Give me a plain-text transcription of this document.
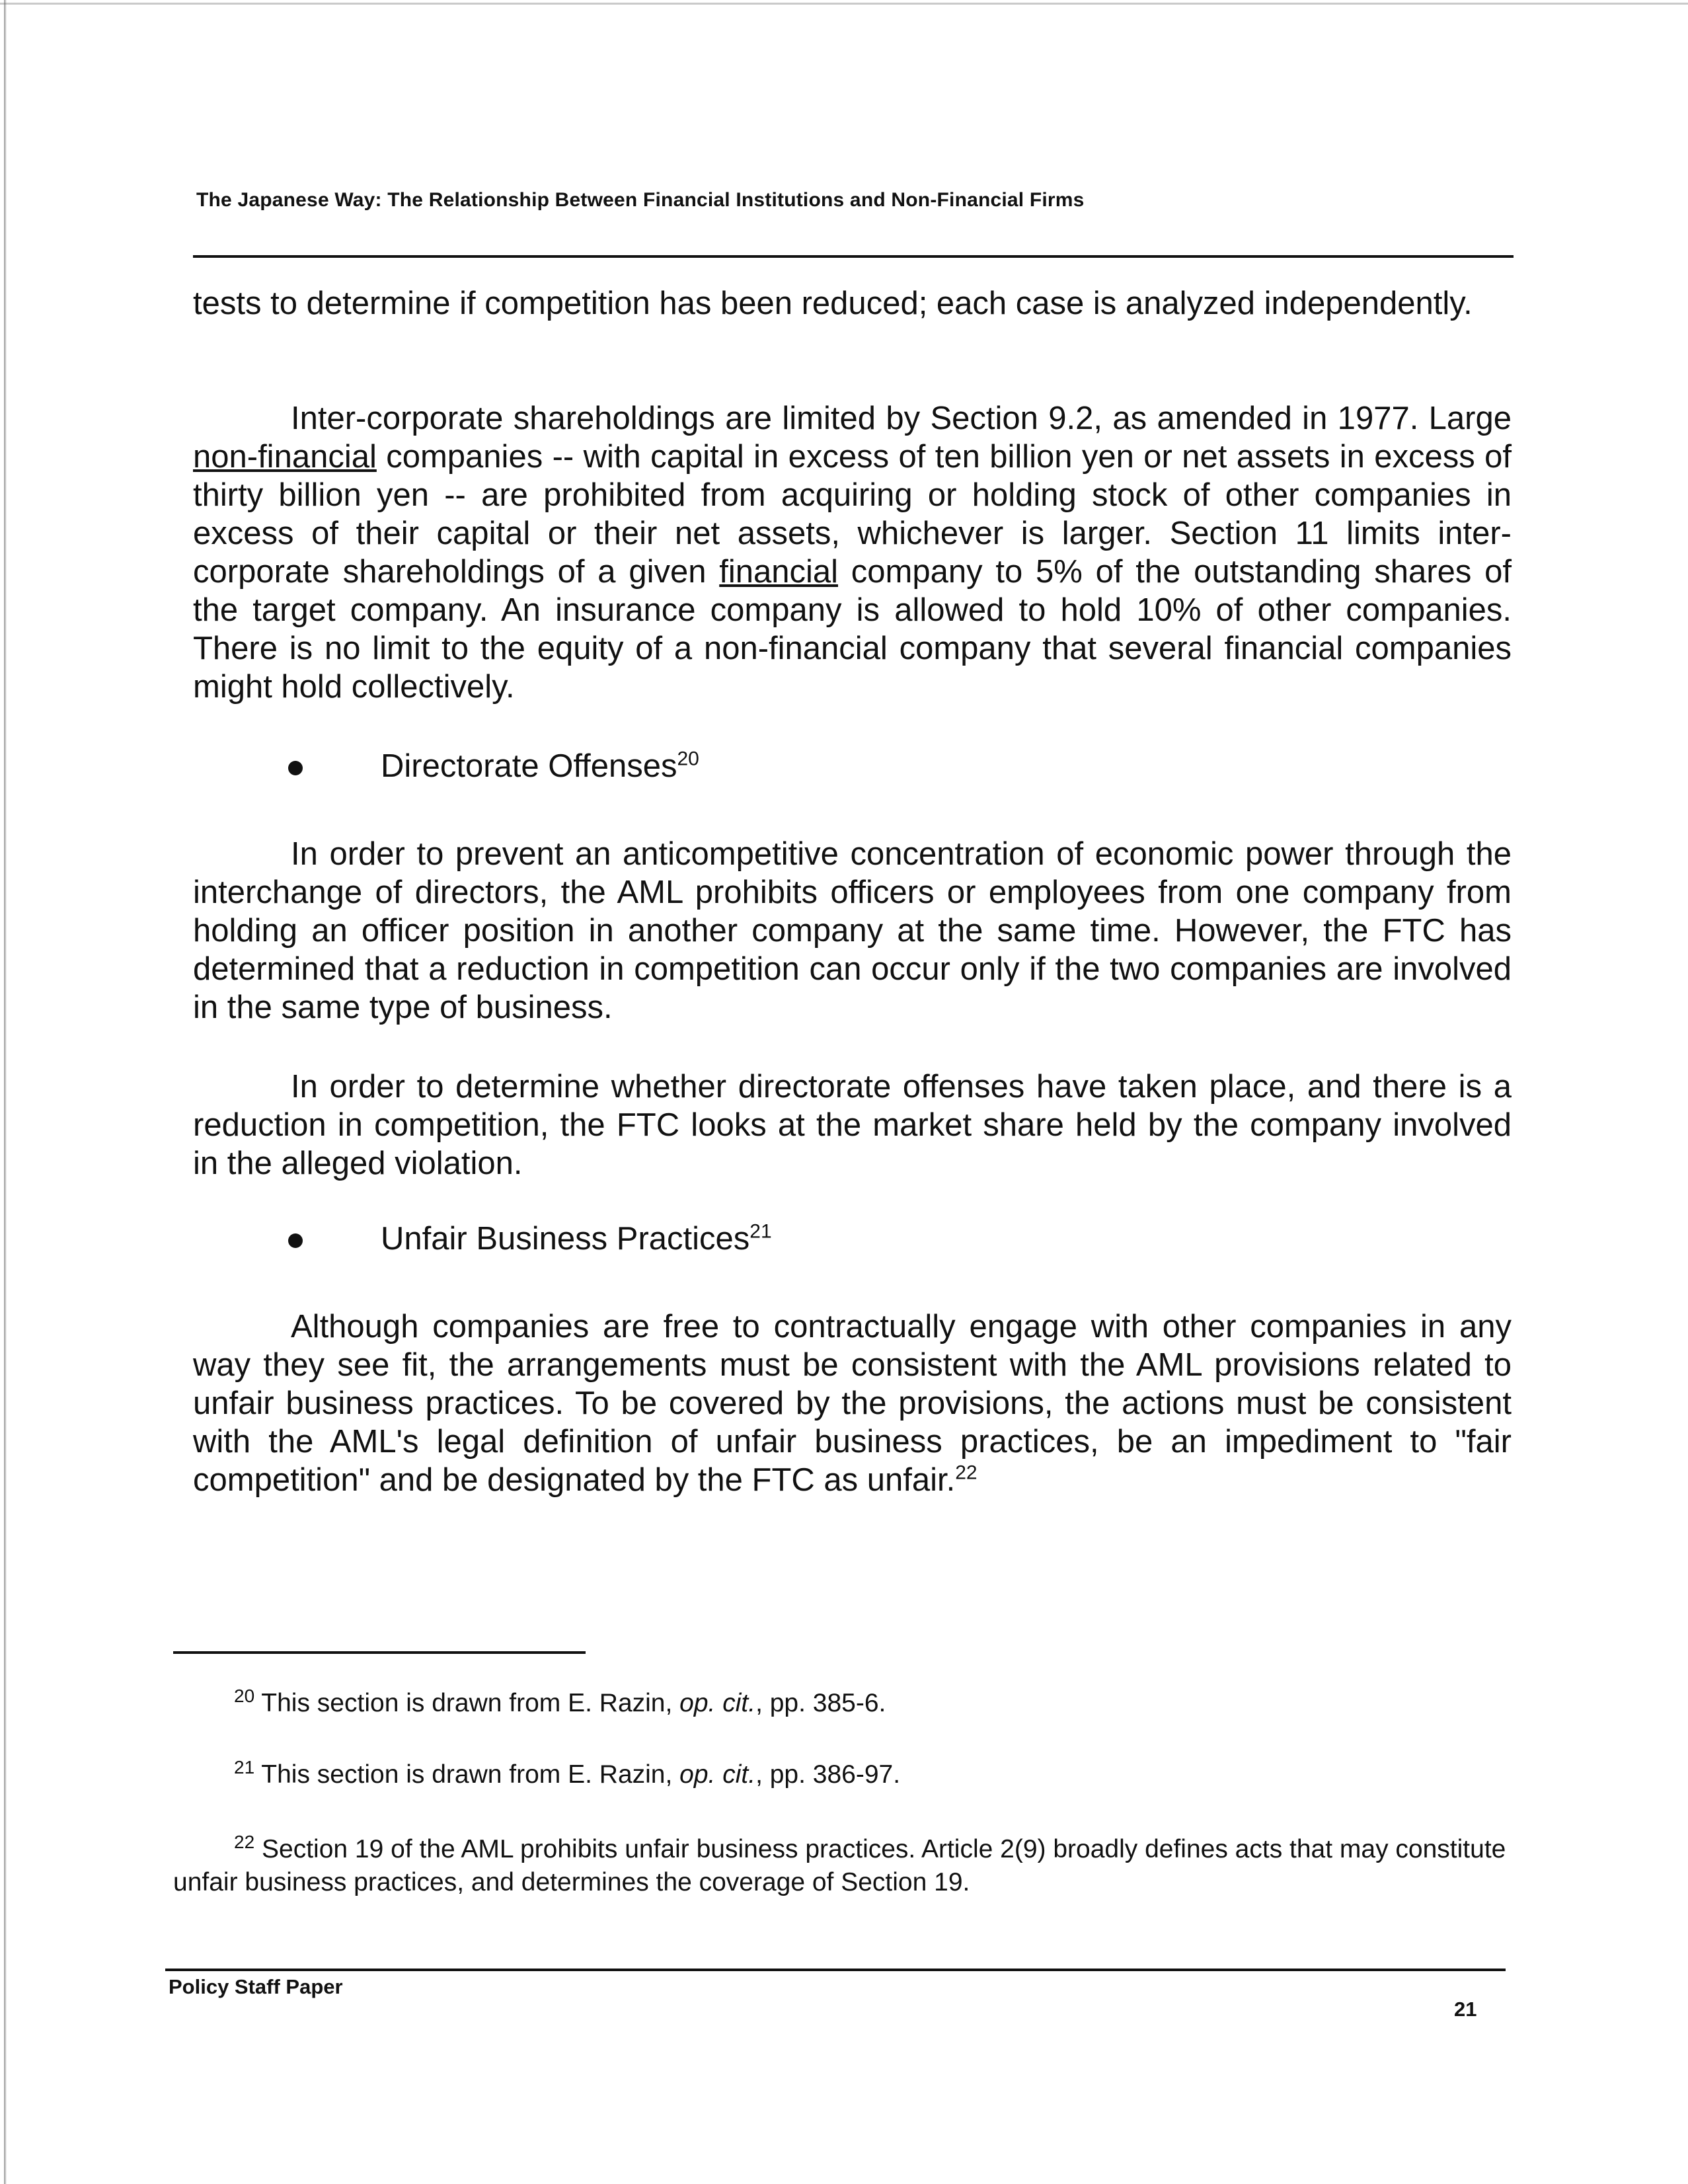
The Japanese Way: The Relationship Between Financial Institutions and Non-Financial Firms
tests to determine if competition has been reduced; each case is analyzed independently.
Inter-corporate shareholdings are limited by Section 9.2, as amended in 1977. Large non-financial companies -- with capital in excess of ten billion yen or net assets in excess of thirty billion yen -- are prohibited from acquiring or holding stock of other companies in excess of their capital or their net assets, whichever is larger. Section 11 limits inter-corporate shareholdings of a given financial company to 5% of the outstanding shares of the target company. An insurance company is allowed to hold 10% of other companies. There is no limit to the equity of a non-financial company that several financial companies might hold collectively.
Directorate Offenses$^{20}$
In order to prevent an anticompetitive concentration of economic power through the interchange of directors, the AML prohibits officers or employees from one company from holding an officer position in another company at the same time. However, the FTC has determined that a reduction in competition can occur only if the two companies are involved in the same type of business.
In order to determine whether directorate offenses have taken place, and there is a reduction in competition, the FTC looks at the market share held by the company involved in the alleged violation.
Unfair Business Practices$^{21}$
Although companies are free to contractually engage with other companies in any way they see fit, the arrangements must be consistent with the AML provisions related to unfair business practices. To be covered by the provisions, the actions must be consistent with the AML's legal definition of unfair business practices, be an impediment to "fair competition" and be designated by the FTC as unfair.$^{22}$
$^{20}$ This section is drawn from E. Razin, op. cit., pp. 385-6.
$^{21}$ This section is drawn from E. Razin, op. cit., pp. 386-97.
$^{22}$ Section 19 of the AML prohibits unfair business practices. Article 2(9) broadly defines acts that may constitute unfair business practices, and determines the coverage of Section 19.
Policy Staff Paper
21
